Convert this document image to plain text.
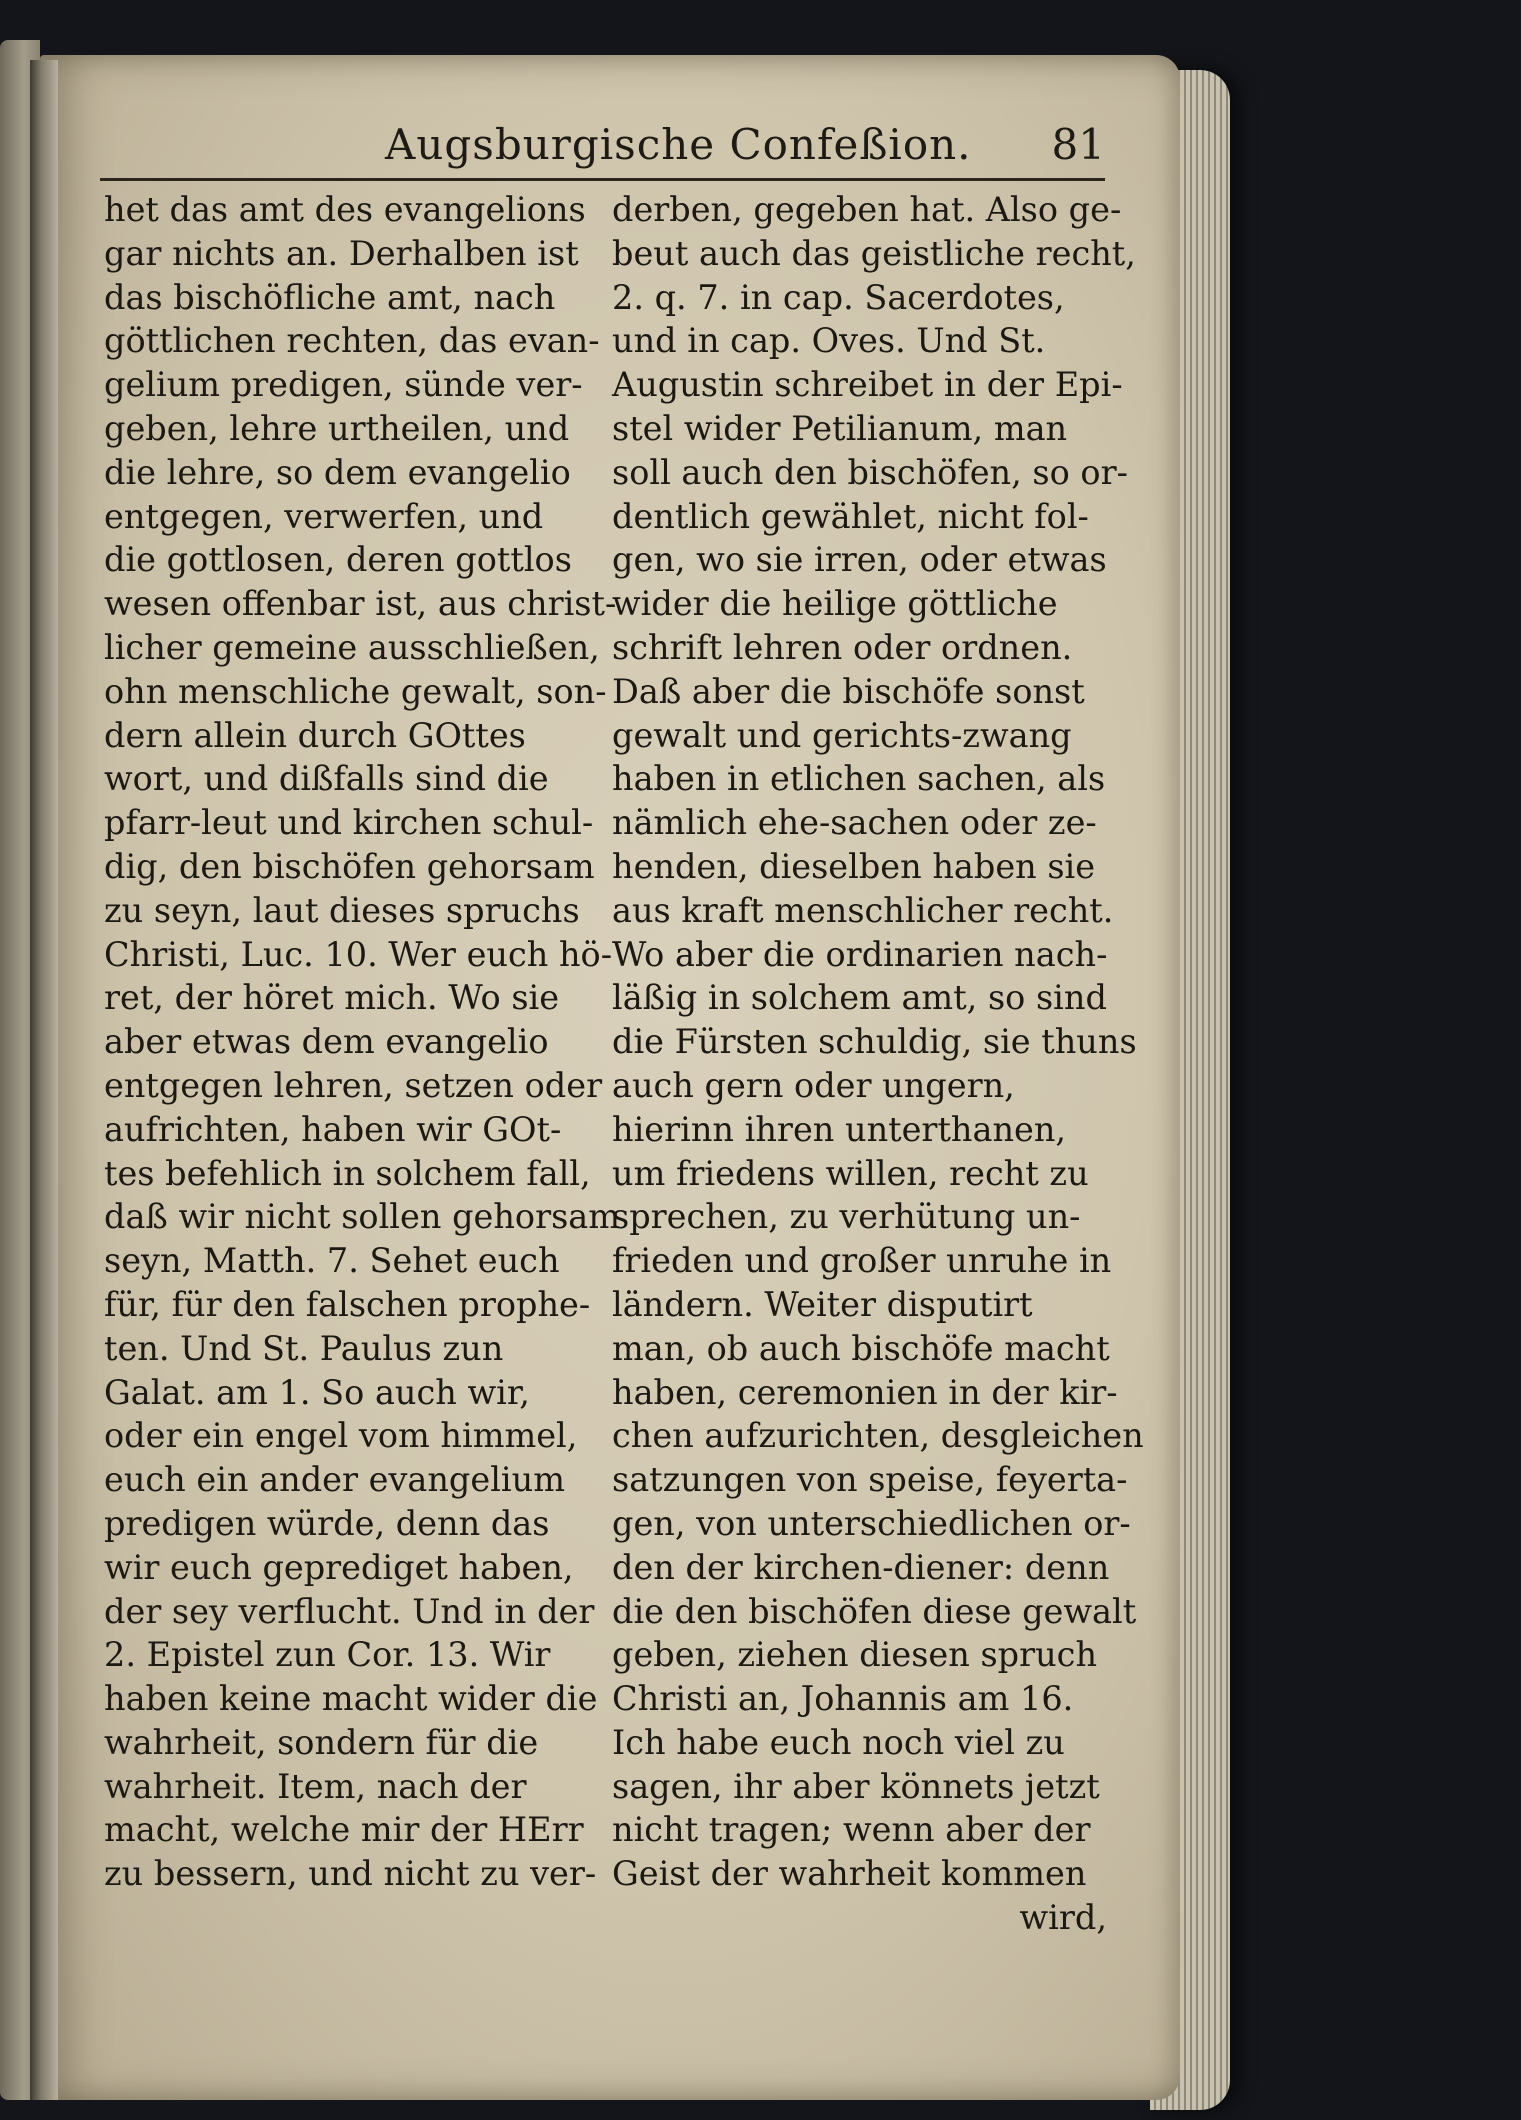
Augsburgische Confeßion. 81
het das amt des evangelions
gar nichts an. Derhalben ist
das bischöfliche amt, nach
göttlichen rechten, das evan-
gelium predigen, sünde ver-
geben, lehre urtheilen, und
die lehre, so dem evangelio
entgegen, verwerfen, und
die gottlosen, deren gottlos
wesen offenbar ist, aus christ-
licher gemeine ausschließen,
ohn menschliche gewalt, son-
dern allein durch GOttes
wort, und dißfalls sind die
pfarr-leut und kirchen schul-
dig, den bischöfen gehorsam
zu seyn, laut dieses spruchs
Christi, Luc. 10. Wer euch hö-
ret, der höret mich. Wo sie
aber etwas dem evangelio
entgegen lehren, setzen oder
aufrichten, haben wir GOt-
tes befehlich in solchem fall,
daß wir nicht sollen gehorsam
seyn, Matth. 7. Sehet euch
für, für den falschen prophe-
ten. Und St. Paulus zun
Galat. am 1. So auch wir,
oder ein engel vom himmel,
euch ein ander evangelium
predigen würde, denn das
wir euch geprediget haben,
der sey verflucht. Und in der
2. Epistel zun Cor. 13. Wir
haben keine macht wider die
wahrheit, sondern für die
wahrheit. Item, nach der
macht, welche mir der HErr
zu bessern, und nicht zu ver-
derben, gegeben hat. Also ge-
beut auch das geistliche recht,
2. q. 7. in cap. Sacerdotes,
und in cap. Oves. Und St.
Augustin schreibet in der Epi-
stel wider Petilianum, man
soll auch den bischöfen, so or-
dentlich gewählet, nicht fol-
gen, wo sie irren, oder etwas
wider die heilige göttliche
schrift lehren oder ordnen.
Daß aber die bischöfe sonst
gewalt und gerichts-zwang
haben in etlichen sachen, als
nämlich ehe-sachen oder ze-
henden, dieselben haben sie
aus kraft menschlicher recht.
Wo aber die ordinarien nach-
läßig in solchem amt, so sind
die Fürsten schuldig, sie thuns
auch gern oder ungern,
hierinn ihren unterthanen,
um friedens willen, recht zu
sprechen, zu verhütung un-
frieden und großer unruhe in
ländern. Weiter disputirt
man, ob auch bischöfe macht
haben, ceremonien in der kir-
chen aufzurichten, desgleichen
satzungen von speise, feyerta-
gen, von unterschiedlichen or-
den der kirchen-diener: denn
die den bischöfen diese gewalt
geben, ziehen diesen spruch
Christi an, Johannis am 16.
Ich habe euch noch viel zu
sagen, ihr aber könnets jetzt
nicht tragen; wenn aber der
Geist der wahrheit kommen
wird,
